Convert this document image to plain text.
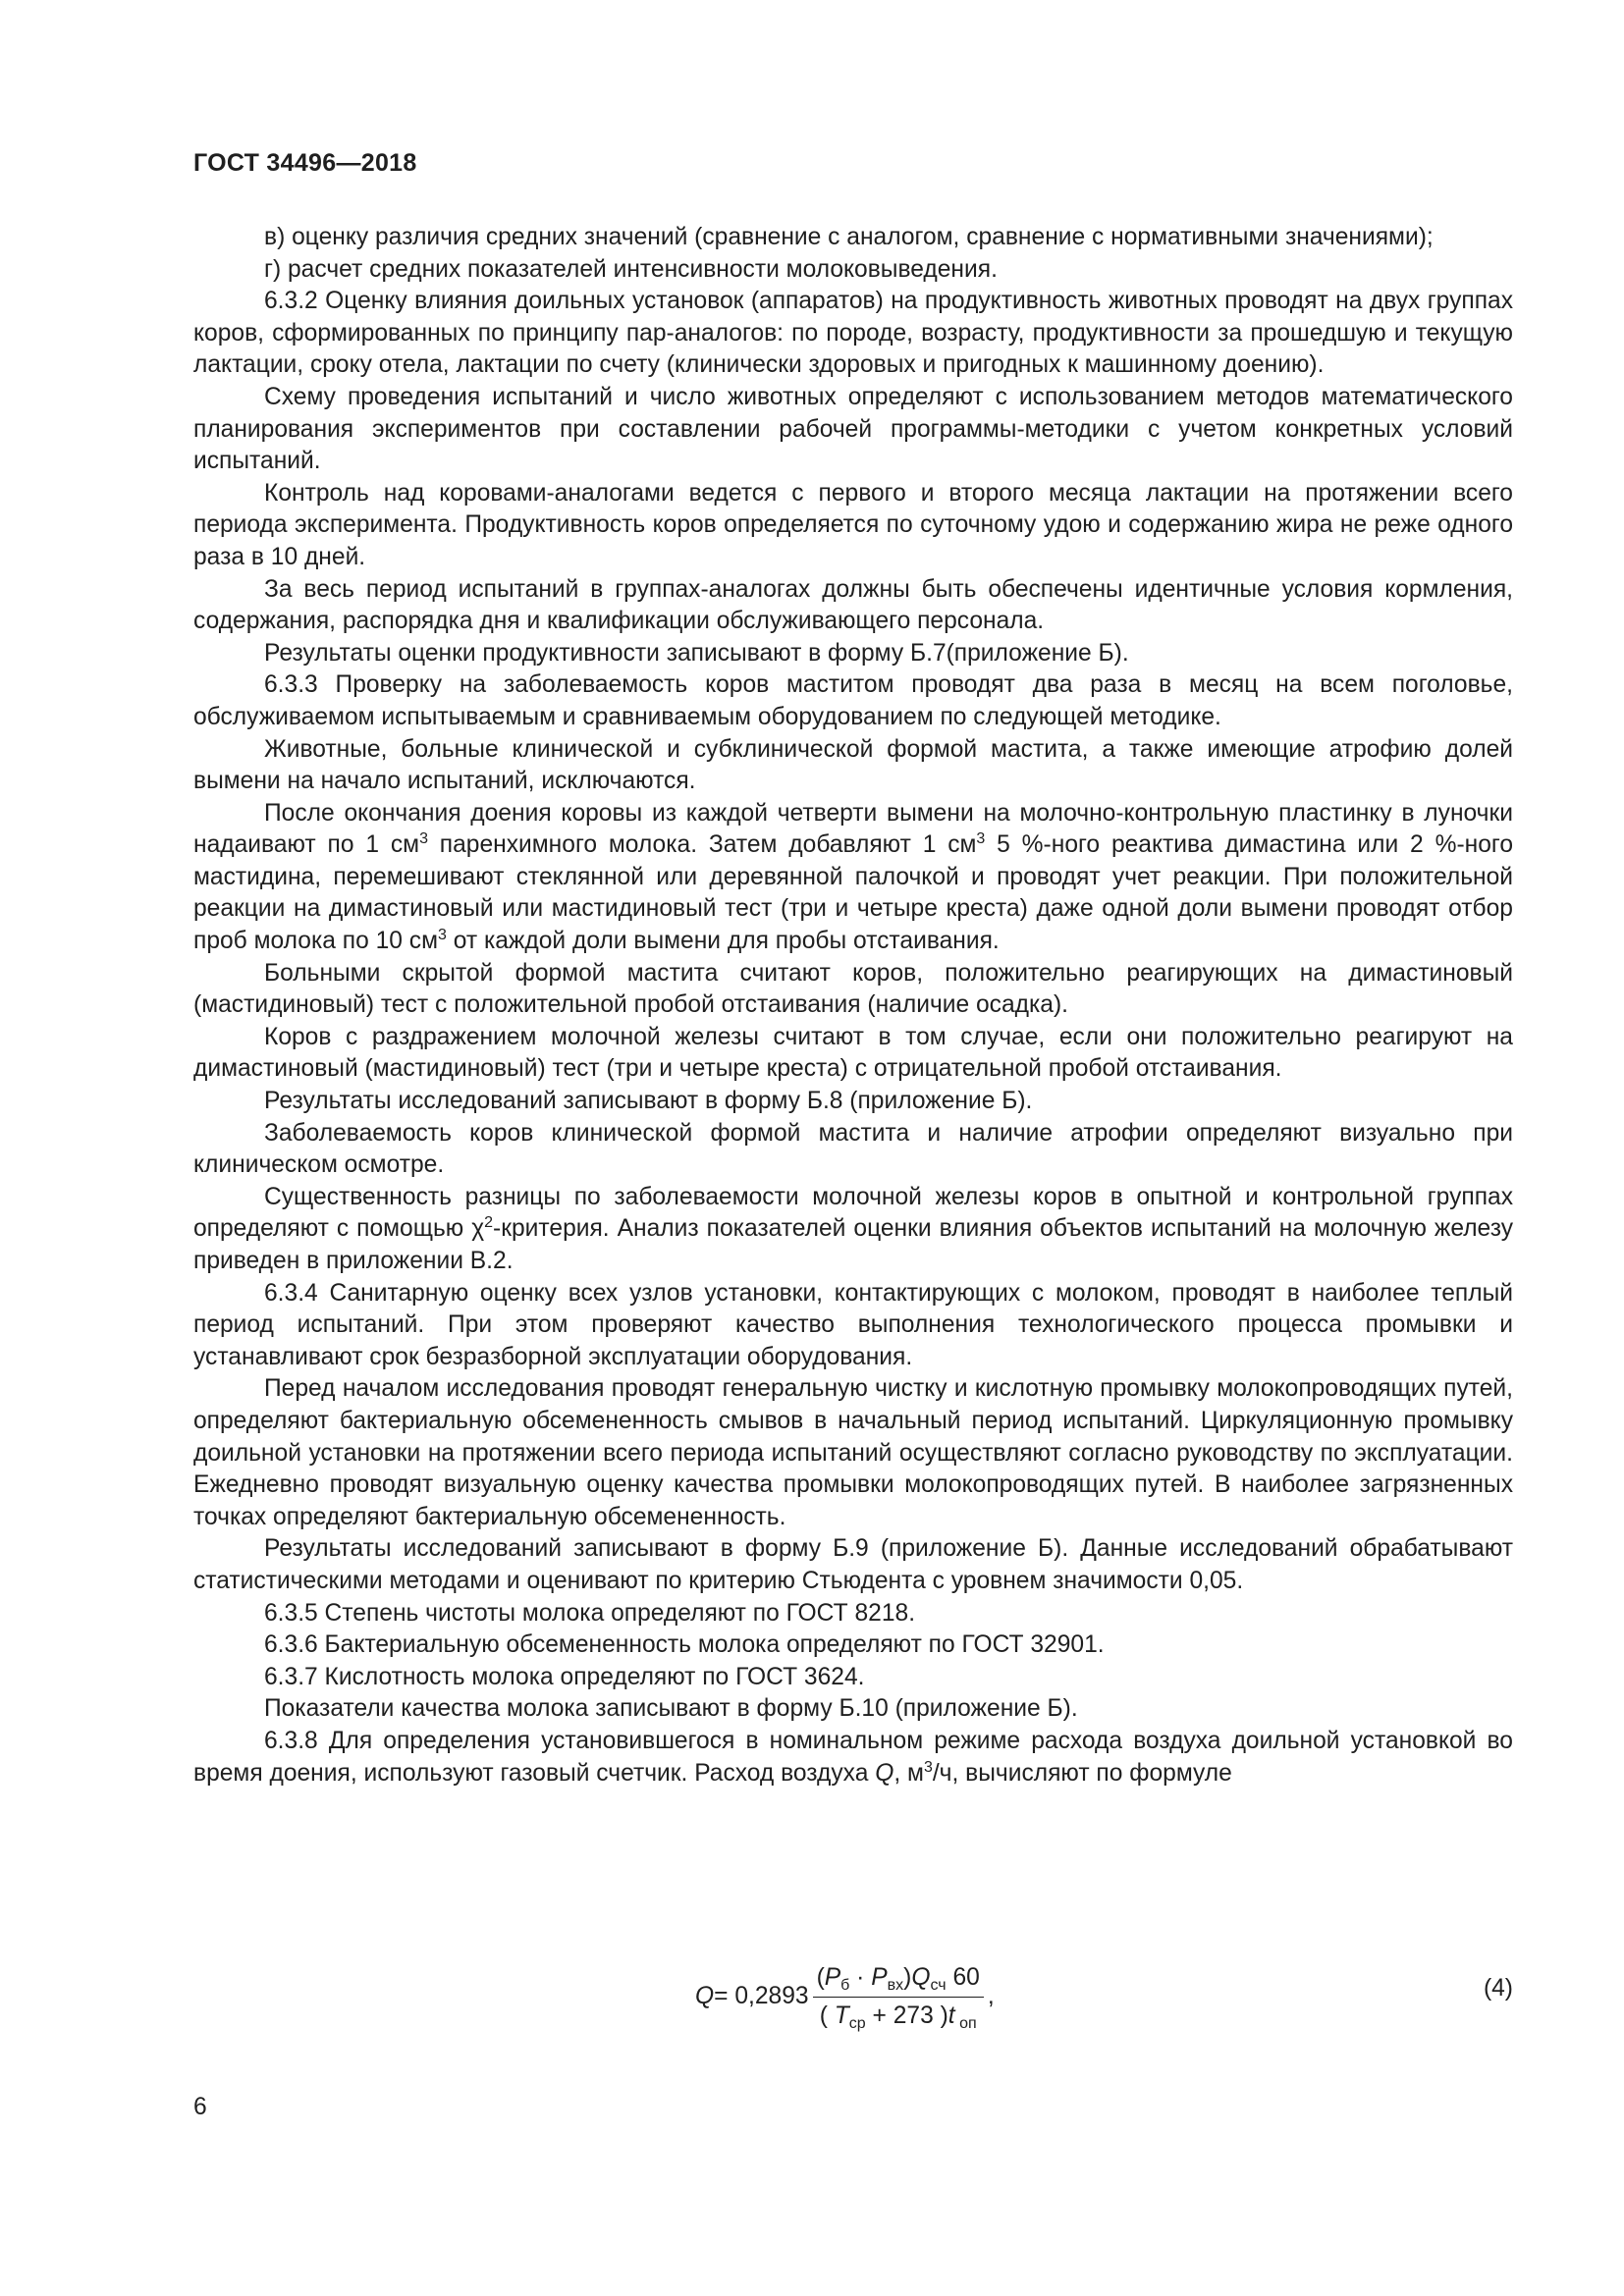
ГОСТ 34496—2018

в) оценку различия средних значений (сравнение с аналогом, сравнение с нормативными значениями);

г) расчет средних показателей интенсивности молоковыведения.

6.3.2 Оценку влияния доильных установок (аппаратов) на продуктивность животных проводят на двух группах коров, сформированных по принципу пар-аналогов: по породе, возрасту, продуктивности за прошедшую и текущую лактации, сроку отела, лактации по счету (клинически здоровых и пригодных к машинному доению).

Схему проведения испытаний и число животных определяют с использованием методов математического планирования экспериментов при составлении рабочей программы-методики с учетом конкретных условий испытаний.

Контроль над коровами-аналогами ведется с первого и второго месяца лактации на протяжении всего периода эксперимента. Продуктивность коров определяется по суточному удою и содержанию жира не реже одного раза в 10 дней.

За весь период испытаний в группах-аналогах должны быть обеспечены идентичные условия кормления, содержания, распорядка дня и квалификации обслуживающего персонала.

Результаты оценки продуктивности записывают в форму Б.7(приложение Б).

6.3.3 Проверку на заболеваемость коров маститом проводят два раза в месяц на всем поголовье, обслуживаемом испытываемым и сравниваемым оборудованием по следующей методике.

Животные, больные клинической и субклинической формой мастита, а также имеющие атрофию долей вымени на начало испытаний, исключаются.

После окончания доения коровы из каждой четверти вымени на молочно-контрольную пластинку в луночки надаивают по 1 $см^3$ паренхимного молока. Затем добавляют 1 $см^3$ 5 %-ного реактива димастина или 2 %-ного мастидина, перемешивают стеклянной или деревянной палочкой и проводят учет реакции. При положительной реакции на димастиновый или мастидиновый тест (три и четыре креста) даже одной доли вымени проводят отбор проб молока по 10 $см^3$ от каждой доли вымени для пробы отстаивания.

Больными скрытой формой мастита считают коров, положительно реагирующих на димастиновый (мастидиновый) тест с положительной пробой отстаивания (наличие осадка).

Коров с раздражением молочной железы считают в том случае, если они положительно реагируют на димастиновый (мастидиновый) тест (три и четыре креста) с отрицательной пробой отстаивания.

Результаты исследований записывают в форму Б.8 (приложение Б).

Заболеваемость коров клинической формой мастита и наличие атрофии определяют визуально при клиническом осмотре.

Существенность разницы по заболеваемости молочной железы коров в опытной и контрольной группах определяют с помощью $\chi^2$-критерия. Анализ показателей оценки влияния объектов испытаний на молочную железу приведен в приложении В.2.

6.3.4 Санитарную оценку всех узлов установки, контактирующих с молоком, проводят в наиболее теплый период испытаний. При этом проверяют качество выполнения технологического процесса промывки и устанавливают срок безразборной эксплуатации оборудования.

Перед началом исследования проводят генеральную чистку и кислотную промывку молокопроводящих путей, определяют бактериальную обсемененность смывов в начальный период испытаний. Циркуляционную промывку доильной установки на протяжении всего периода испытаний осуществляют согласно руководству по эксплуатации. Ежедневно проводят визуальную оценку качества промывки молокопроводящих путей. В наиболее загрязненных точках определяют бактериальную обсемененность.

Результаты исследований записывают в форму Б.9 (приложение Б). Данные исследований обрабатывают статистическими методами и оценивают по критерию Стьюдента с уровнем значимости 0,05.

6.3.5 Степень чистоты молока определяют по ГОСТ 8218.

6.3.6 Бактериальную обсемененность молока определяют по ГОСТ 32901.

6.3.7 Кислотность молока определяют по ГОСТ 3624.

Показатели качества молока записывают в форму Б.10 (приложение Б).

6.3.8 Для определения установившегося в номинальном режиме расхода воздуха доильной установкой во время доения, используют газовый счетчик. Расход воздуха Q, $м^3/ч$, вычисляют по формуле

$Q = 0,2893 \frac{(P_б \cdot P_{вх})Q_{сч} 60}{( T_{ср} + 273 )t _{оп}}$ ,	(4)
6
